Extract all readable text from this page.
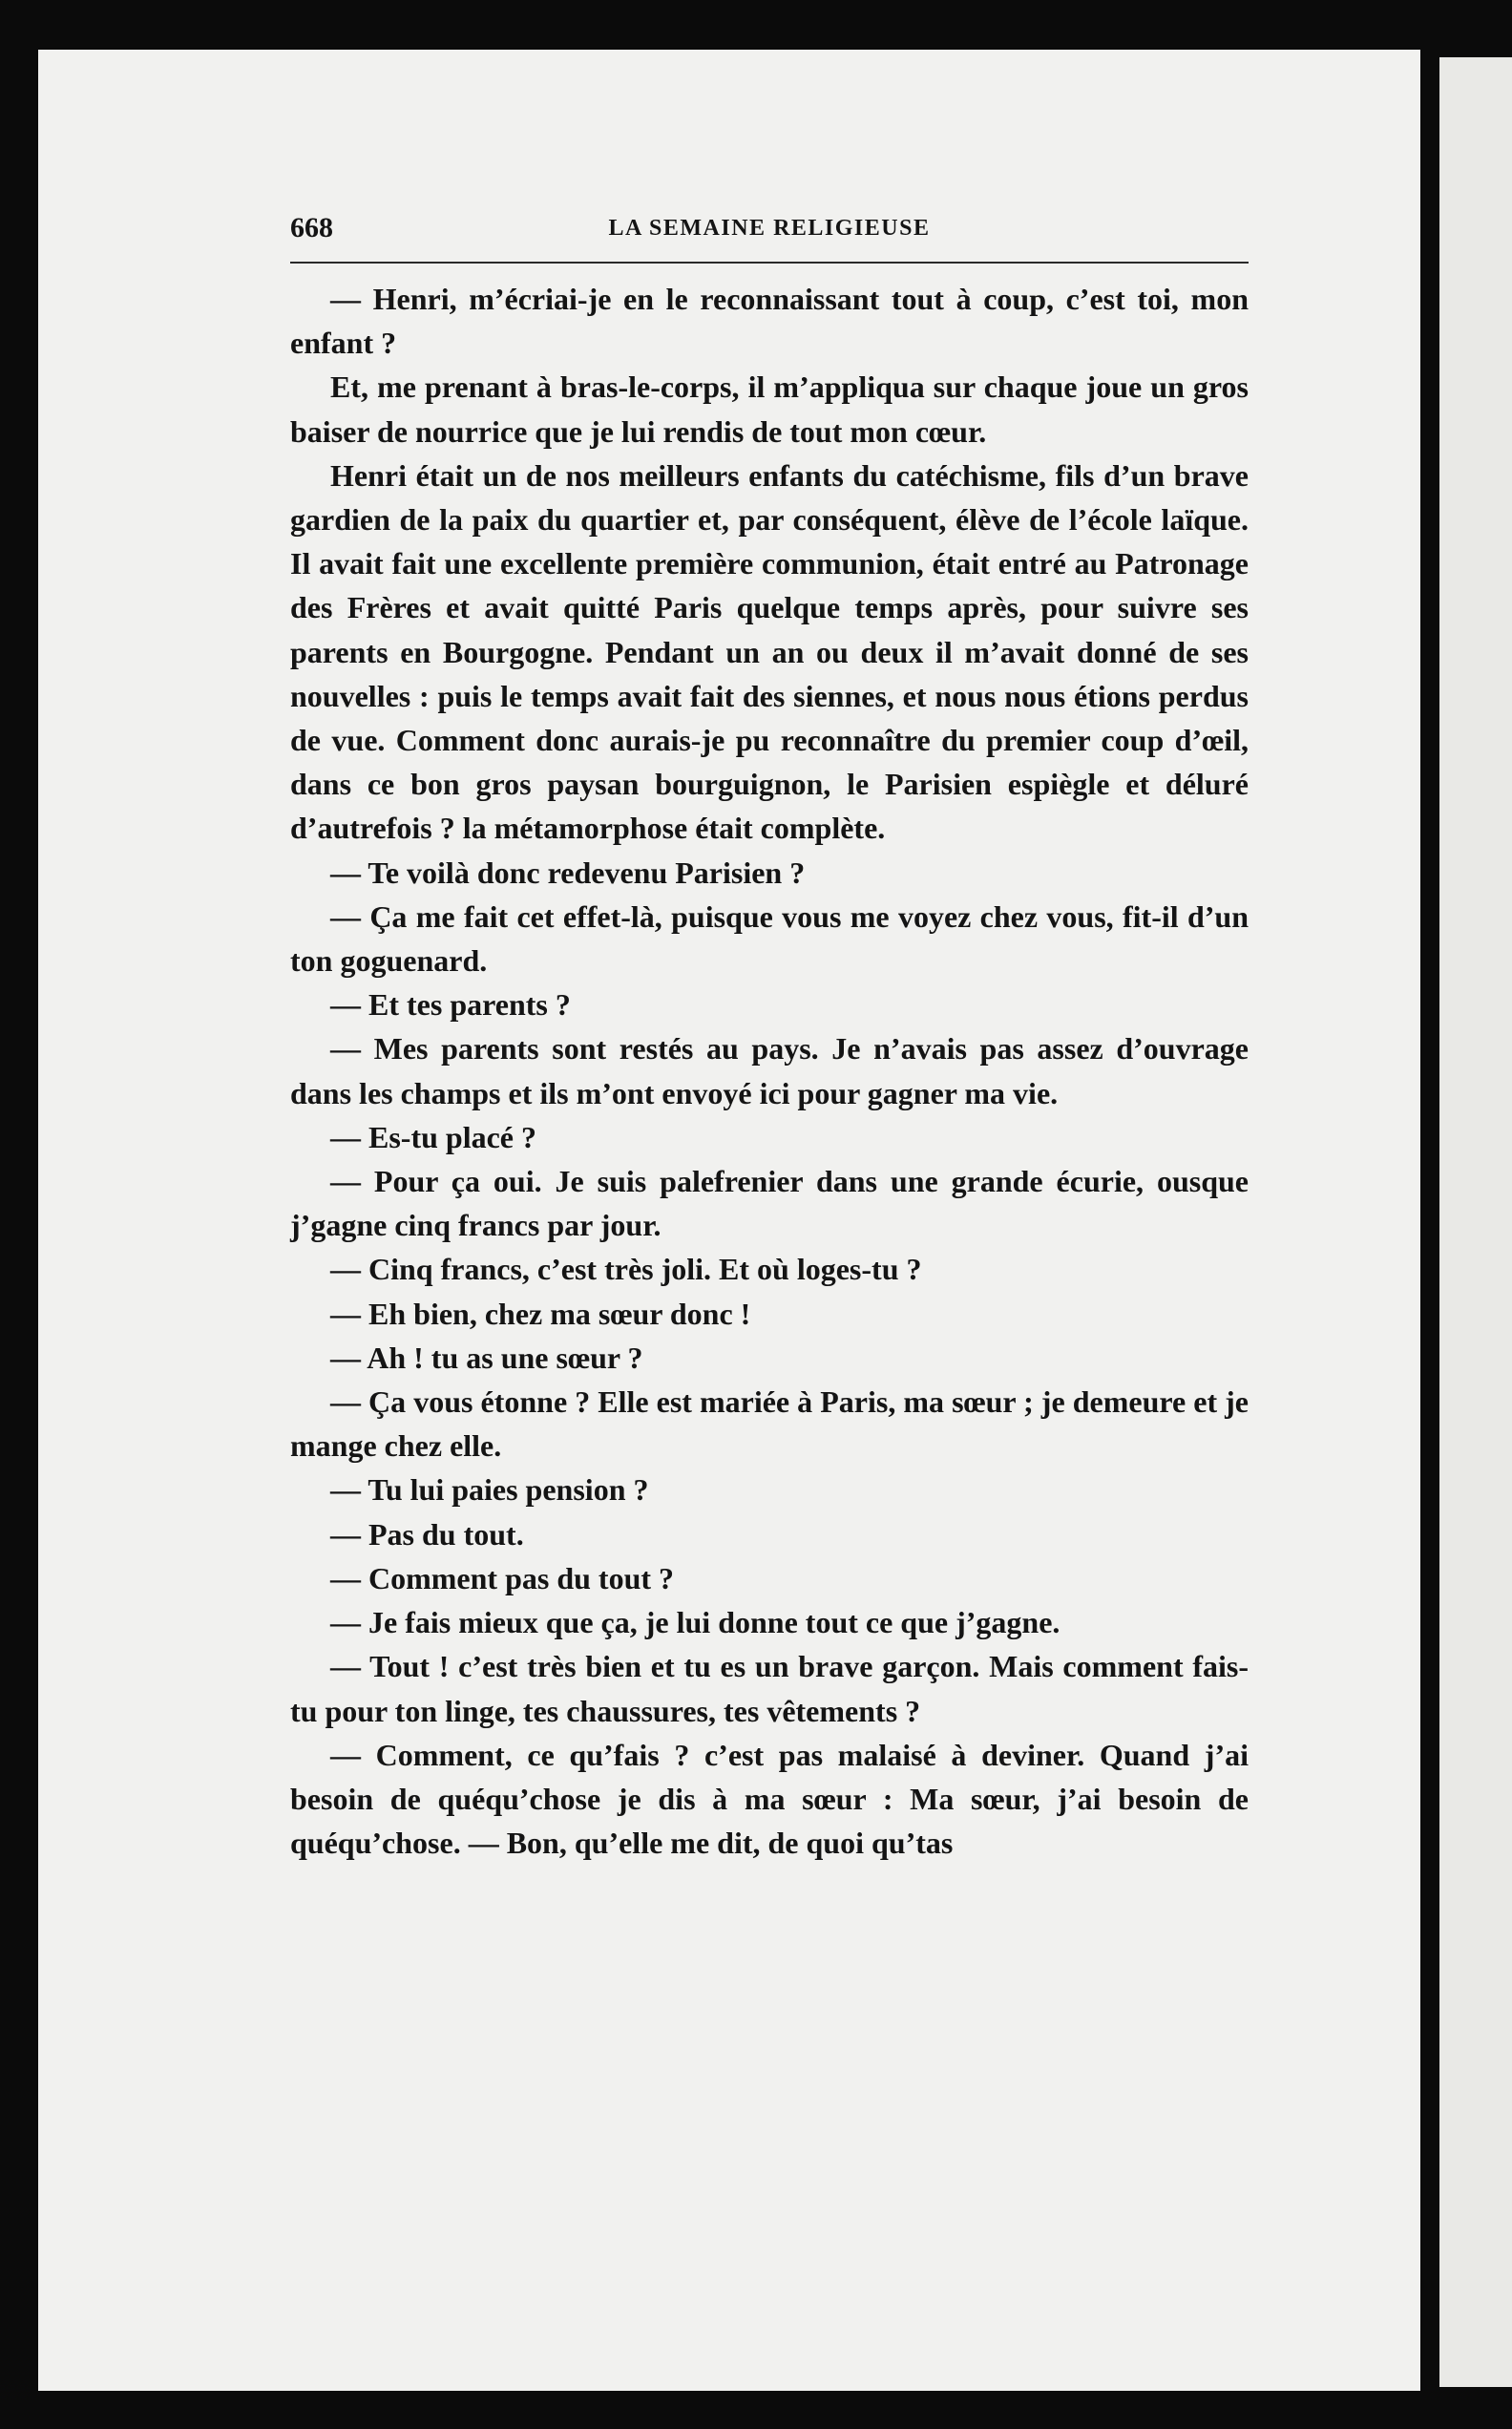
668	LA SEMAINE RELIGIEUSE

— Henri, m’écriai-je en le reconnaissant tout à coup, c’est toi, mon enfant ?

Et, me prenant à bras-le-corps, il m’appliqua sur chaque joue un gros baiser de nourrice que je lui rendis de tout mon cœur.

Henri était un de nos meilleurs enfants du catéchisme, fils d’un brave gardien de la paix du quartier et, par conséquent, élève de l’école laïque. Il avait fait une excellente première communion, était entré au Patronage des Frères et avait quitté Paris quelque temps après, pour suivre ses parents en Bourgogne. Pendant un an ou deux il m’avait donné de ses nouvelles : puis le temps avait fait des siennes, et nous nous étions perdus de vue. Comment donc aurais-je pu reconnaître du premier coup d’œil, dans ce bon gros paysan bourguignon, le Parisien espiègle et déluré d’autrefois ? la métamorphose était complète.

— Te voilà donc redevenu Parisien ?

— Ça me fait cet effet-là, puisque vous me voyez chez vous, fit-il d’un ton goguenard.

— Et tes parents ?

— Mes parents sont restés au pays. Je n’avais pas assez d’ouvrage dans les champs et ils m’ont envoyé ici pour gagner ma vie.

— Es-tu placé ?

— Pour ça oui. Je suis palefrenier dans une grande écurie, ousque j’gagne cinq francs par jour.

— Cinq francs, c’est très joli. Et où loges-tu ?

— Eh bien, chez ma sœur donc !

— Ah ! tu as une sœur ?

— Ça vous étonne ? Elle est mariée à Paris, ma sœur ; je demeure et je mange chez elle.

— Tu lui paies pension ?

— Pas du tout.

— Comment pas du tout ?

— Je fais mieux que ça, je lui donne tout ce que j’gagne.

— Tout ! c’est très bien et tu es un brave garçon. Mais comment fais-tu pour ton linge, tes chaussures, tes vêtements ?

— Comment, ce qu’fais ? c’est pas malaisé à deviner. Quand j’ai besoin de quéqu’chose je dis à ma sœur : Ma sœur, j’ai besoin de quéqu’chose. — Bon, qu’elle me dit, de quoi qu’tas
